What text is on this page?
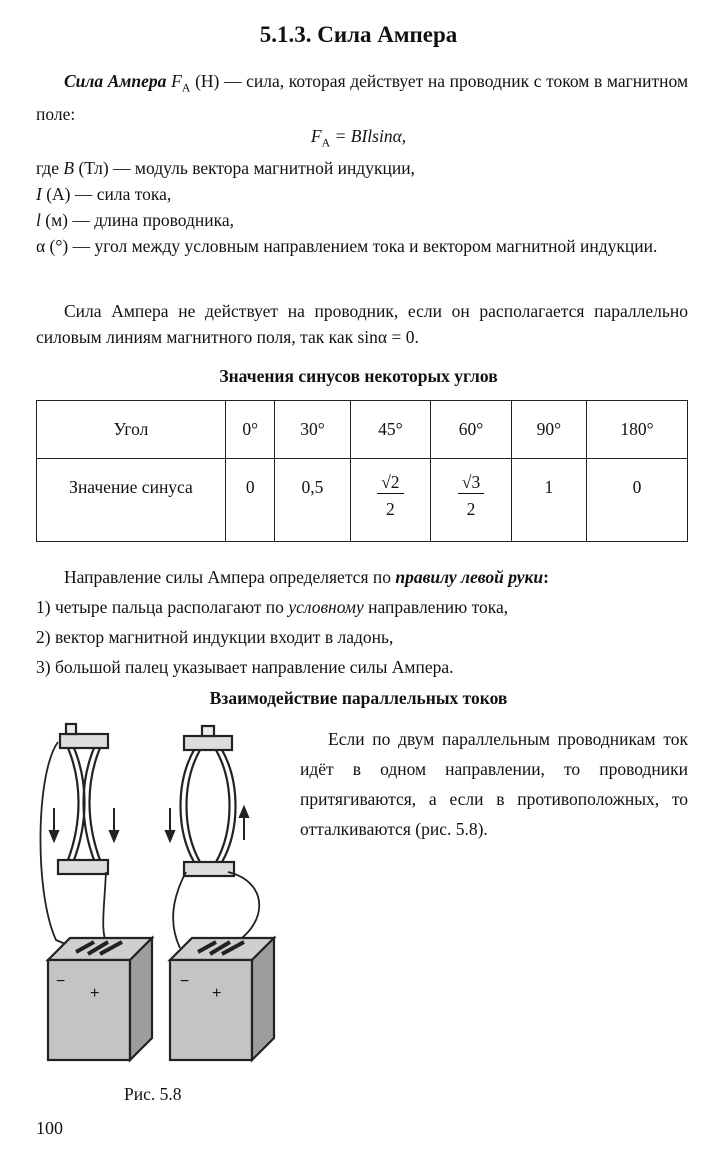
5.1.3. Сила Ампера
Сила Ампера $F_A$ (Н) — сила, которая действует на проводник с током в магнитном поле:
$F_A = BIlsin\alpha$,
где B (Тл) — модуль вектора магнитной индукции,
I (А) — сила тока,
l (м) — длина проводника,
α (°) — угол между условным направлением тока и вектором магнитной индукции.
Сила Ампера не действует на проводник, если он располагается параллельно силовым линиям магнитного поля, так как sinα = 0.
Значения синусов некоторых углов
Угол	0°	30°	45°	60°	90°	180°
Значение синуса	0	0,5	$\frac{√2}{2}$	$\frac{√3}{2}$	1	0
Направление силы Ампера определяется по правилу левой руки:
1) четыре пальца располагают по условному направлению тока,
2) вектор магнитной индукции входит в ладонь,
3) большой палец указывает направление силы Ампера.
Взаимодействие параллельных токов
Если по двум параллельным проводникам ток идёт в одном направлении, то проводники притягиваются, а если в противоположных, то отталкиваются (рис. 5.8).
−
+
−
+
Рис. 5.8
100
